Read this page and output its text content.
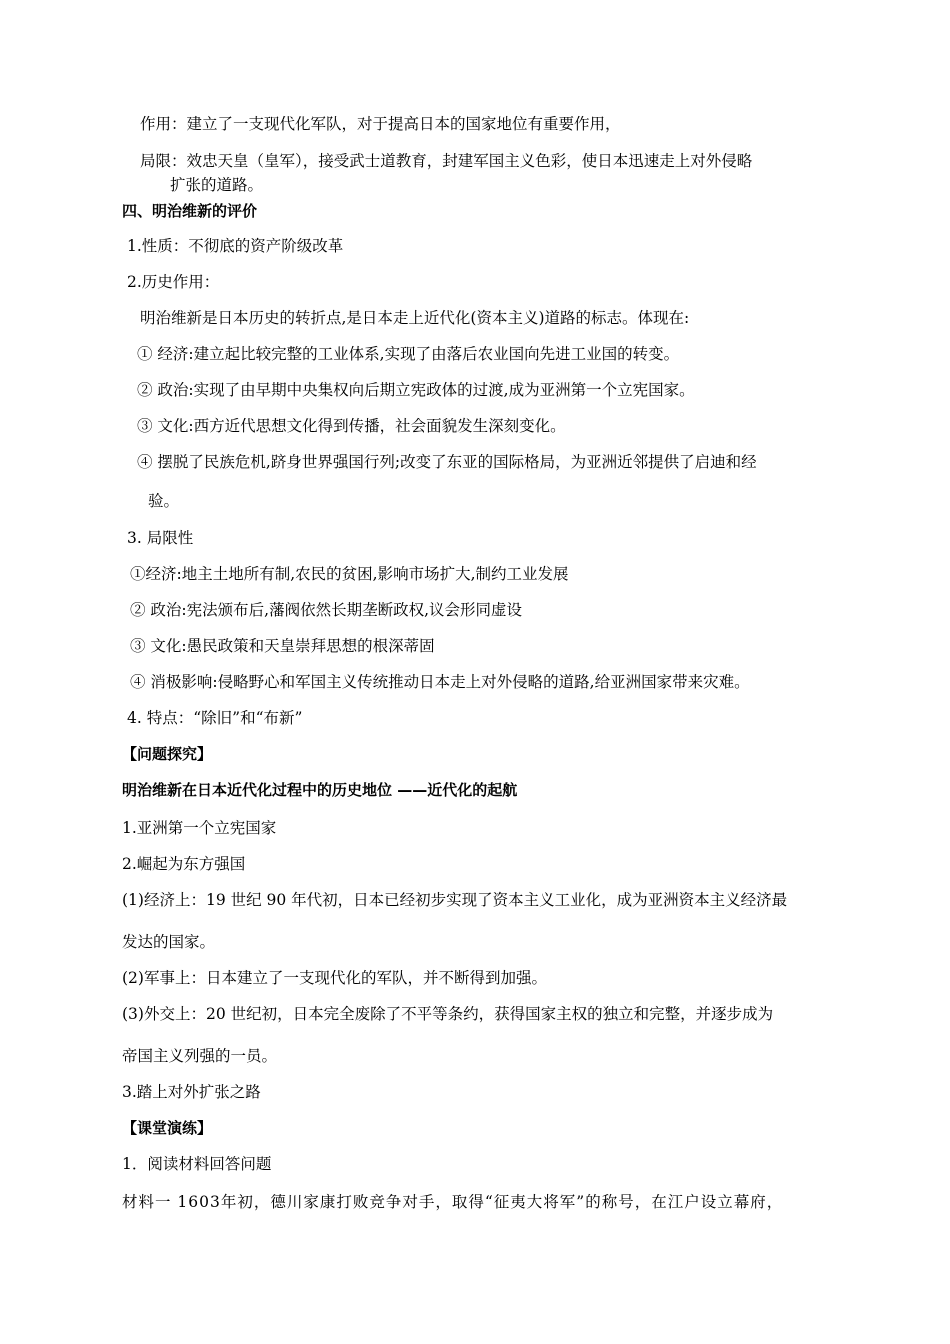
作用：建立了一支现代化军队，对于提高日本的国家地位有重要作用，
局限：效忠天皇（皇军），接受武士道教育，封建军国主义色彩，使日本迅速走上对外侵略
扩张的道路。
四、明治维新的评价
1.性质：不彻底的资产阶级改革
2.历史作用：
明治维新是日本历史的转折点,是日本走上近代化(资本主义)道路的标志。体现在:
① 经济:建立起比较完整的工业体系,实现了由落后农业国向先进工业国的转变。
② 政治:实现了由早期中央集权向后期立宪政体的过渡,成为亚洲第一个立宪国家。
③ 文化:西方近代思想文化得到传播，社会面貌发生深刻变化。
④ 摆脱了民族危机,跻身世界强国行列;改变了东亚的国际格局，为亚洲近邻提供了启迪和经
验。
3. 局限性
①经济:地主土地所有制,农民的贫困,影响市场扩大,制约工业发展
② 政治:宪法颁布后,藩阀依然长期垄断政权,议会形同虚设
③ 文化:愚民政策和天皇崇拜思想的根深蒂固
④ 消极影响:侵略野心和军国主义传统推动日本走上对外侵略的道路,给亚洲国家带来灾难。
4. 特点：“除旧”和“布新”
【问题探究】
明治维新在日本近代化过程中的历史地位 ——近代化的起航
1.亚洲第一个立宪国家
2.崛起为东方强国
(1)经济上：19 世纪 90 年代初，日本已经初步实现了资本主义工业化，成为亚洲资本主义经济最
发达的国家。
(2)军事上：日本建立了一支现代化的军队，并不断得到加强。
(3)外交上：20 世纪初，日本完全废除了不平等条约，获得国家主权的独立和完整，并逐步成为
帝国主义列强的一员。
3.踏上对外扩张之路
【课堂演练】
1．阅读材料回答问题
材料一 1603年初，德川家康打败竞争对手，取得“征夷大将军”的称号，在江户设立幕府，
